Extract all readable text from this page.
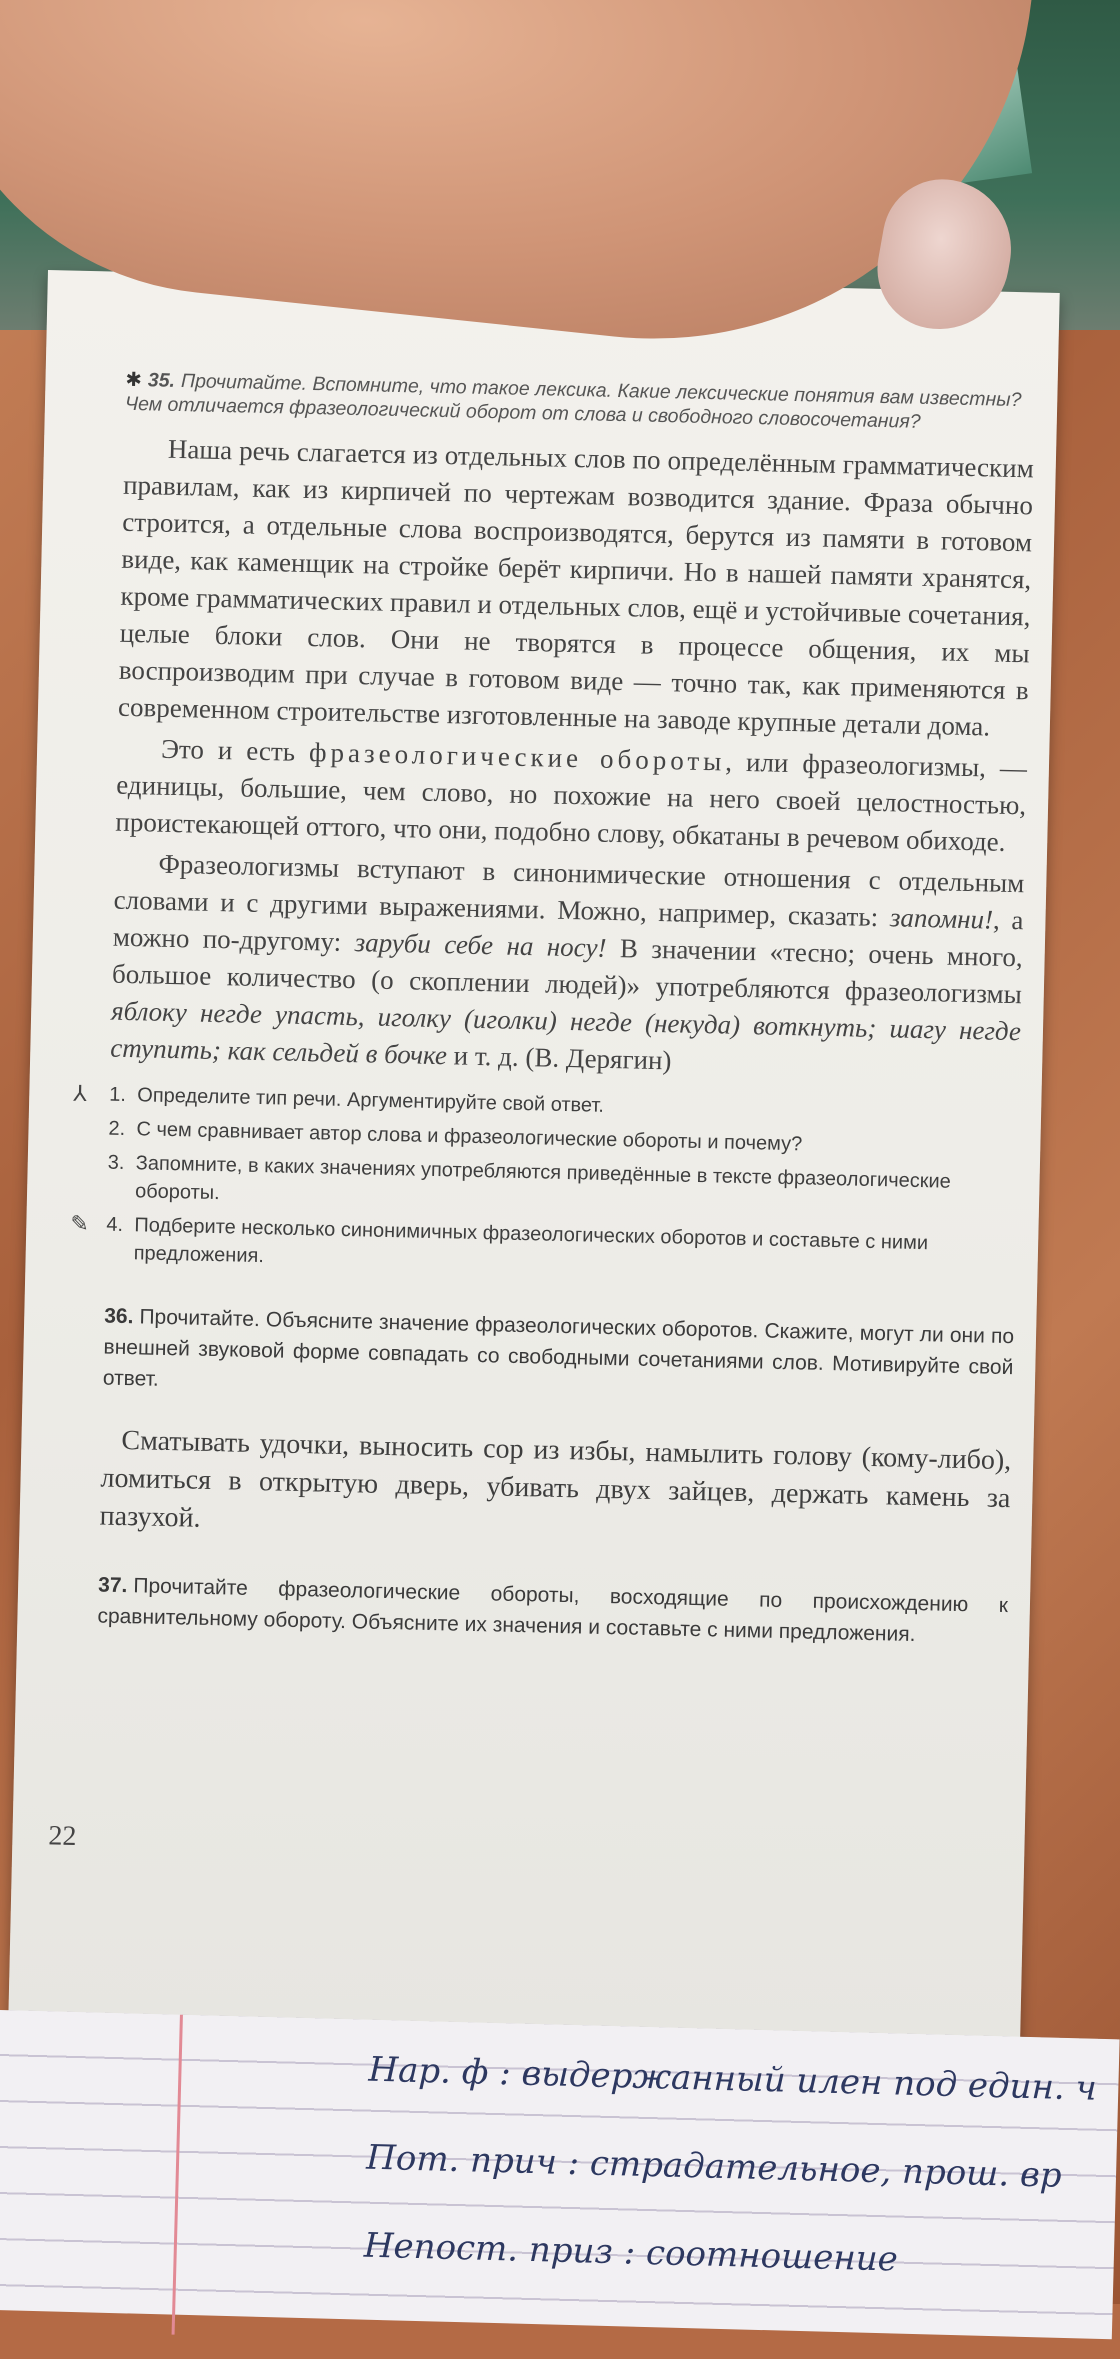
✱ 35. Прочитайте. Вспомните, что такое лексика. Какие лексические понятия вам известны? Чем отличается фразеологический оборот от слова и свободного словосочетания?

Наша речь слагается из отдельных слов по определённым грамматическим правилам, как из кирпичей по чертежам возводится здание. Фраза обычно строится, а отдельные слова воспроизводятся, берутся из памяти в готовом виде, как каменщик на стройке берёт кирпичи. Но в нашей памяти хранятся, кроме грамматических правил и отдельных слов, ещё и устойчивые сочетания, целые блоки слов. Они не творятся в процессе общения, их мы воспроизводим при случае в готовом виде — точно так, как применяются в современном строительстве изготовленные на заводе крупные детали дома.

Это и есть фразеологические обороты, или фразеологизмы, — единицы, большие, чем слово, но похожие на него своей целостностью, проистекающей оттого, что они, подобно слову, обкатаны в речевом обиходе.

Фразеологизмы вступают в синонимические отношения с отдельным словами и с другими выражениями. Можно, например, сказать: запомни!, а можно по-другому: заруби себе на носу! В значении «тесно; очень много, большое количество (о скоплении людей)» употребляются фразеологизмы яблоку негде упасть, иголку (иголки) негде (некуда) воткнуть; шагу негде ступить; как сельдей в бочке и т. д. (В. Дерягин)

⅄ 1. Определите тип речи. Аргументируйте свой ответ.

2. С чем сравнивает автор слова и фразеологические обороты и почему?

3. Запомните, в каких значениях употребляются приведённые в тексте фразеологические обороты.

✎ 4. Подберите несколько синонимичных фразеологических оборотов и составьте с ними предложения.

36. Прочитайте. Объясните значение фразеологических оборотов. Скажите, могут ли они по внешней звуковой форме совпадать со свободными сочетаниями слов. Мотивируйте свой ответ.

Сматывать удочки, выносить сор из избы, намылить голову (кому-либо), ломиться в открытую дверь, убивать двух зайцев, держать камень за пазухой.

37. Прочитайте фразеологические обороты, восходящие по происхождению к сравнительному обороту. Объясните их значения и составьте с ними предложения.

22
Нар. ф : выдержанный илен под един. ч
Пот. прич : страдательное, прош. вр
Непост. приз : соотношение
